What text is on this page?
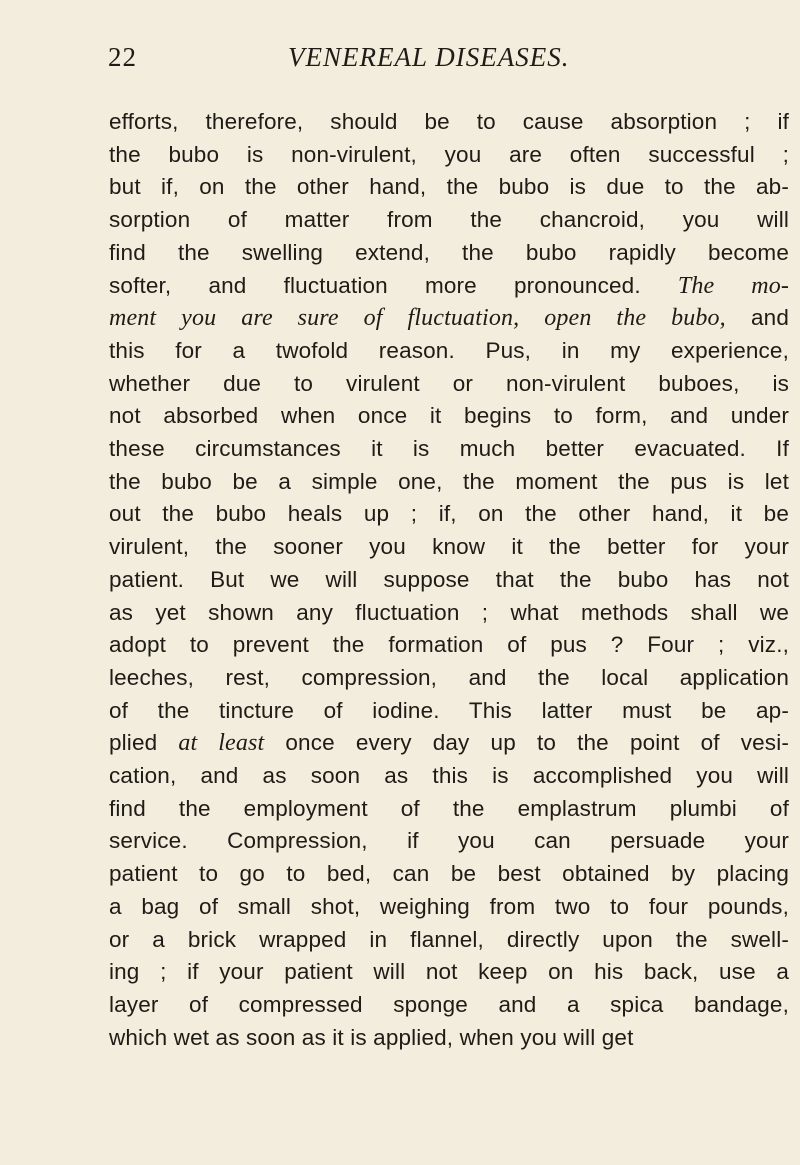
22	VENEREAL DISEASES.
efforts, therefore, should be to cause absorption ; if
the bubo is non-virulent, you are often successful ;
but if, on the other hand, the bubo is due to the ab-
sorption of matter from the chancroid, you will
find the swelling extend, the bubo rapidly become
softer, and fluctuation more pronounced. The mo-
ment you are sure of fluctuation, open the bubo, and
this for a twofold reason. Pus, in my experience,
whether due to virulent or non-virulent buboes, is
not absorbed when once it begins to form, and under
these circumstances it is much better evacuated. If
the bubo be a simple one, the moment the pus is let
out the bubo heals up ; if, on the other hand, it be
virulent, the sooner you know it the better for your
patient. But we will suppose that the bubo has not
as yet shown any fluctuation ; what methods shall we
adopt to prevent the formation of pus ? Four ; viz.,
leeches, rest, compression, and the local application
of the tincture of iodine. This latter must be ap-
plied at least once every day up to the point of vesi-
cation, and as soon as this is accomplished you will
find the employment of the emplastrum plumbi of
service. Compression, if you can persuade your
patient to go to bed, can be best obtained by placing
a bag of small shot, weighing from two to four pounds,
or a brick wrapped in flannel, directly upon the swell-
ing ; if your patient will not keep on his back, use a
layer of compressed sponge and a spica bandage,
which wet as soon as it is applied, when you will get
